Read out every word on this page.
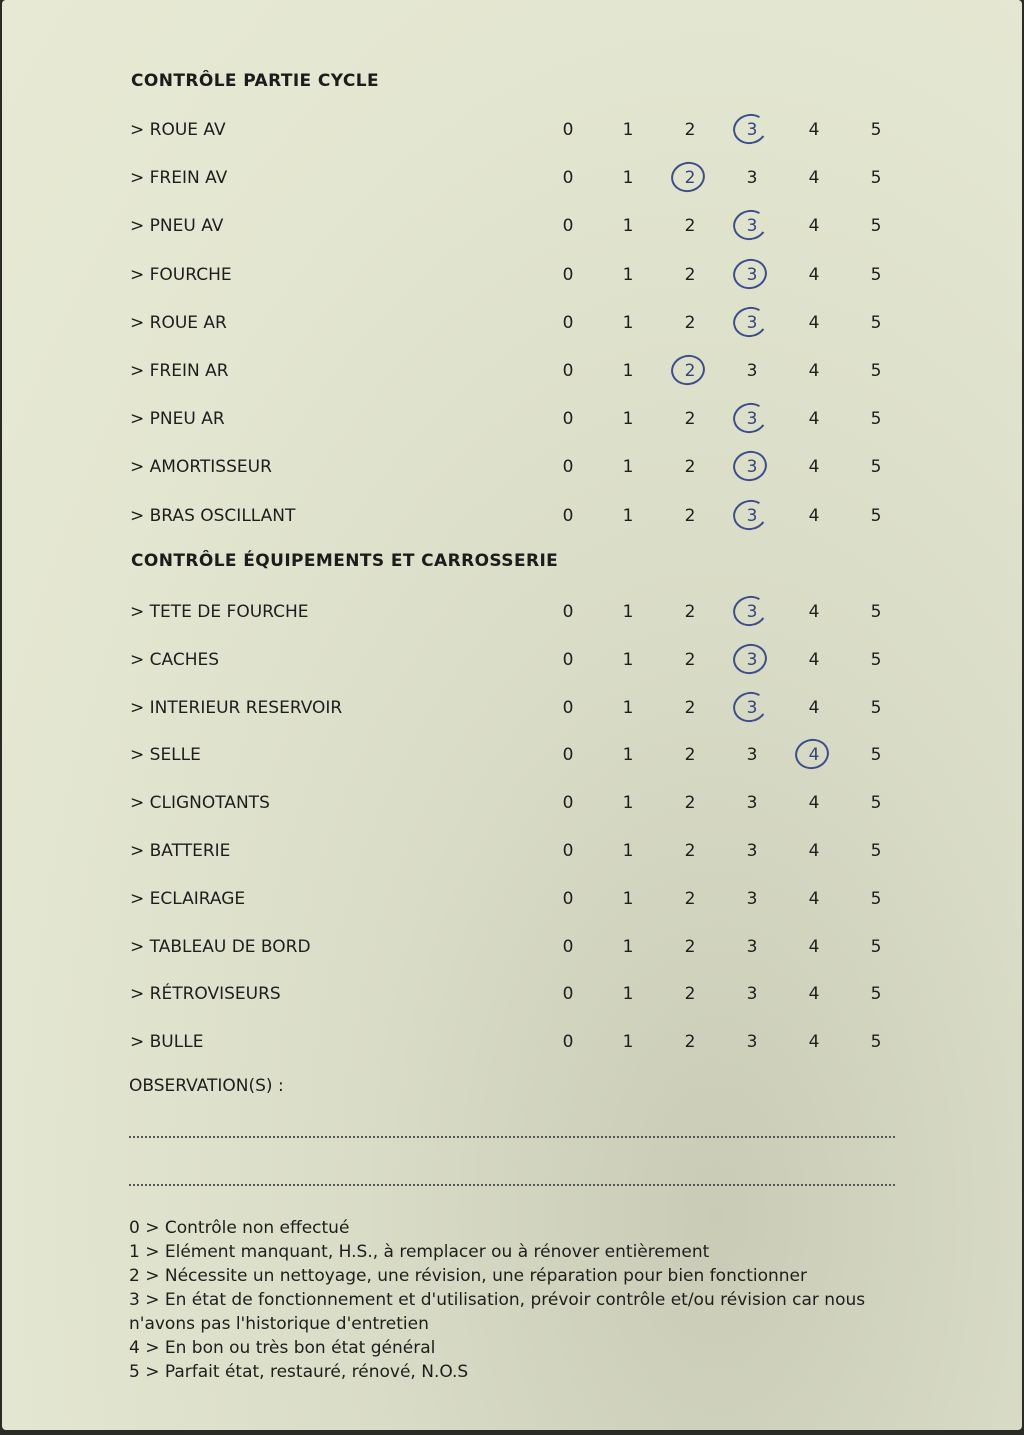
CONTRÔLE PARTIE CYCLE
> ROUE AV	0	1	2	3	4	5
> FREIN AV	0	1	2	3	4	5
> PNEU AV	0	1	2	3	4	5
> FOURCHE	0	1	2	3	4	5
> ROUE AR	0	1	2	3	4	5
> FREIN AR	0	1	2	3	4	5
> PNEU AR	0	1	2	3	4	5
> AMORTISSEUR	0	1	2	3	4	5
> BRAS OSCILLANT	0	1	2	3	4	5
CONTRÔLE ÉQUIPEMENTS ET CARROSSERIE
> TETE DE FOURCHE	0	1	2	3	4	5
> CACHES	0	1	2	3	4	5
> INTERIEUR RESERVOIR	0	1	2	3	4	5
> SELLE	0	1	2	3	4	5
> CLIGNOTANTS	0	1	2	3	4	5
> BATTERIE	0	1	2	3	4	5
> ECLAIRAGE	0	1	2	3	4	5
> TABLEAU DE BORD	0	1	2	3	4	5
> RÉTROVISEURS	0	1	2	3	4	5
> BULLE	0	1	2	3	4	5
OBSERVATION(S) :
0 > Contrôle non effectué
1 > Elément manquant, H.S., à remplacer ou à rénover entièrement
2 > Nécessite un nettoyage, une révision, une réparation pour bien fonctionner
3 > En état de fonctionnement et d'utilisation, prévoir contrôle et/ou révision car nous n'avons pas l'historique d'entretien
4 > En bon ou très bon état général
5 > Parfait état, restauré, rénové, N.O.S
